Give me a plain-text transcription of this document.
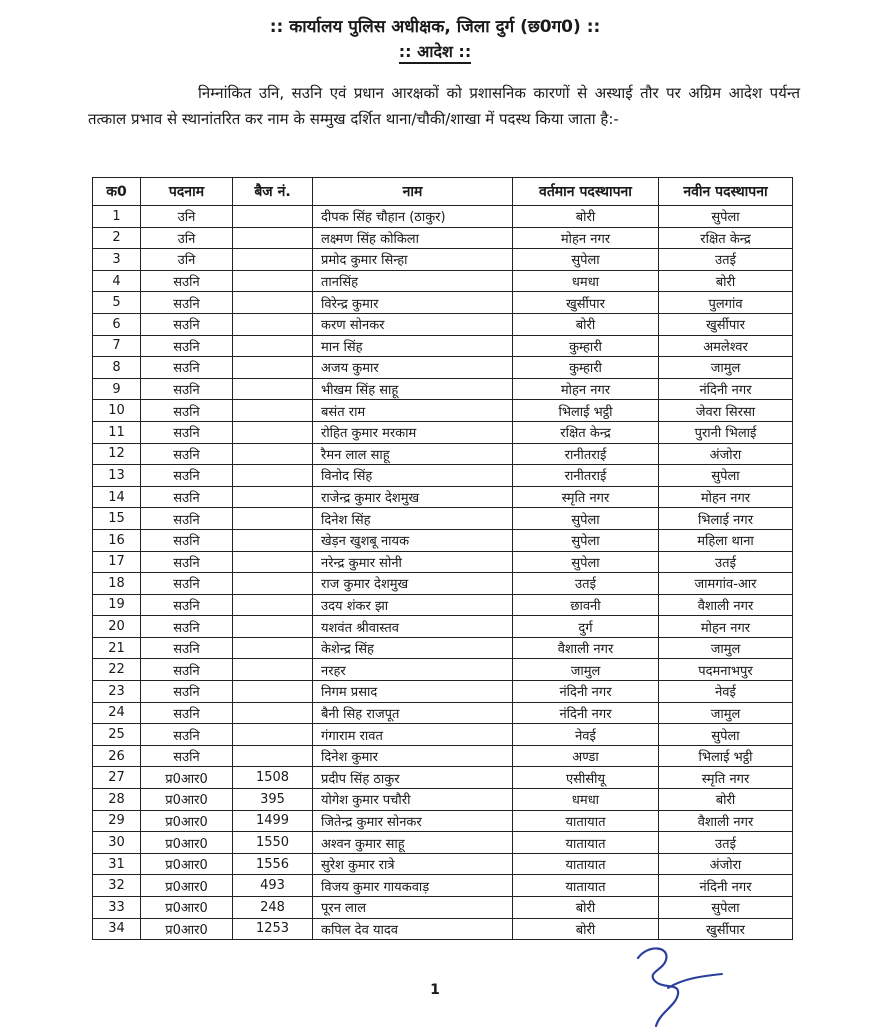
:: कार्यालय पुलिस अधीक्षक, जिला दुर्ग (छ0ग0) ::
:: आदेश ::
निम्नांकित उनि, सउनि एवं प्रधान आरक्षकों को प्रशासनिक कारणों से अस्थाई तौर पर अग्रिम आदेश पर्यन्त तत्काल प्रभाव से स्थानांतरित कर नाम के सम्मुख दर्शित थाना/चौकी/शाखा में पदस्थ किया जाता है:-
क0	पदनाम	बैज नं.	नाम	वर्तमान पदस्थापना	नवीन पदस्थापना
1	उनि		दीपक सिंह चौहान (ठाकुर)	बोरी	सुपेला
2	उनि		लक्ष्मण सिंह कोकिला	मोहन नगर	रक्षित केन्द्र
3	उनि		प्रमोद कुमार सिन्हा	सुपेला	उतई
4	सउनि		तानसिंह	धमधा	बोरी
5	सउनि		विरेन्द्र कुमार	खुर्सीपार	पुलगांव
6	सउनि		करण सोनकर	बोरी	खुर्सीपार
7	सउनि		मान सिंह	कुम्हारी	अमलेश्वर
8	सउनि		अजय कुमार	कुम्हारी	जामुल
9	सउनि		भीखम सिंह साहू	मोहन नगर	नंदिनी नगर
10	सउनि		बसंत राम	भिलाई भट्ठी	जेवरा सिरसा
11	सउनि		रोहित कुमार मरकाम	रक्षित केन्द्र	पुरानी भिलाई
12	सउनि		रैमन लाल साहू	रानीतराई	अंजोरा
13	सउनि		विनोद सिंह	रानीतराई	सुपेला
14	सउनि		राजेन्द्र कुमार देशमुख	स्मृति नगर	मोहन नगर
15	सउनि		दिनेश सिंह	सुपेला	भिलाई नगर
16	सउनि		खेड़न खुशबू नायक	सुपेला	महिला थाना
17	सउनि		नरेन्द्र कुमार सोनी	सुपेला	उतई
18	सउनि		राज कुमार देशमुख	उतई	जामगांव-आर
19	सउनि		उदय शंकर झा	छावनी	वैशाली नगर
20	सउनि		यशवंत श्रीवास्तव	दुर्ग	मोहन नगर
21	सउनि		केशेन्द्र सिंह	वैशाली नगर	जामुल
22	सउनि		नरहर	जामुल	पदमनाभपुर
23	सउनि		निगम प्रसाद	नंदिनी नगर	नेवई
24	सउनि		बैनी सिह राजपूत	नंदिनी नगर	जामुल
25	सउनि		गंगाराम रावत	नेवई	सुपेला
26	सउनि		दिनेश कुमार	अण्डा	भिलाई भट्ठी
27	प्र0आर0	1508	प्रदीप सिंह ठाकुर	एसीसीयू	स्मृति नगर
28	प्र0आर0	395	योगेश कुमार पचौरी	धमधा	बोरी
29	प्र0आर0	1499	जितेन्द्र कुमार सोनकर	यातायात	वैशाली नगर
30	प्र0आर0	1550	अश्वन कुमार साहू	यातायात	उतई
31	प्र0आर0	1556	सुरेश कुमार रात्रे	यातायात	अंजोरा
32	प्र0आर0	493	विजय कुमार गायकवाड़	यातायात	नंदिनी नगर
33	प्र0आर0	248	पूरन लाल	बोरी	सुपेला
34	प्र0आर0	1253	कपिल देव यादव	बोरी	खुर्सीपार
1
